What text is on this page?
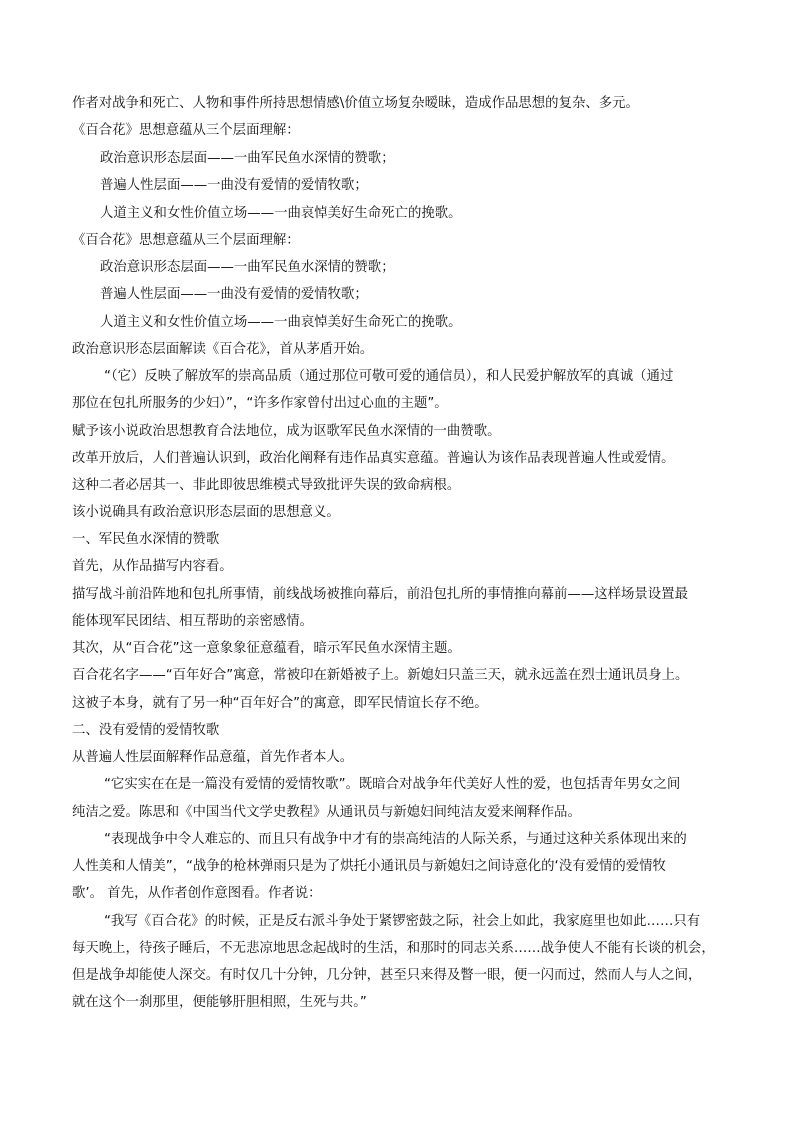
作者对战争和死亡、人物和事件所持思想情感\价值立场复杂暧昧，造成作品思想的复杂、多元。

《百合花》思想意蕴从三个层面理解：

政治意识形态层面——一曲军民鱼水深情的赞歌；

普遍人性层面——一曲没有爱情的爱情牧歌；

人道主义和女性价值立场——一曲哀悼美好生命死亡的挽歌。

《百合花》思想意蕴从三个层面理解：

政治意识形态层面——一曲军民鱼水深情的赞歌；

普遍人性层面——一曲没有爱情的爱情牧歌；

人道主义和女性价值立场——一曲哀悼美好生命死亡的挽歌。

政治意识形态层面解读《百合花》，首从茅盾开始。

“（它）反映了解放军的崇高品质（通过那位可敬可爱的通信员），和人民爱护解放军的真诚（通过

那位在包扎所服务的少妇）”，“许多作家曾付出过心血的主题”。

赋予该小说政治思想教育合法地位，成为讴歌军民鱼水深情的一曲赞歌。

改革开放后，人们普遍认识到，政治化阐释有违作品真实意蕴。普遍认为该作品表现普遍人性或爱情。

这种二者必居其一、非此即彼思维模式导致批评失误的致命病根。

该小说确具有政治意识形态层面的思想意义。

一、军民鱼水深情的赞歌

首先，从作品描写内容看。

描写战斗前沿阵地和包扎所事情，前线战场被推向幕后，前沿包扎所的事情推向幕前——这样场景设置最

能体现军民团结、相互帮助的亲密感情。

其次，从“百合花”这一意象象征意蕴看，暗示军民鱼水深情主题。

百合花名字——“百年好合”寓意，常被印在新婚被子上。新媳妇只盖三天，就永远盖在烈士通讯员身上。

这被子本身，就有了另一种“百年好合”的寓意，即军民情谊长存不绝。

二、没有爱情的爱情牧歌

从普遍人性层面解释作品意蕴，首先作者本人。

“它实实在在是一篇没有爱情的爱情牧歌”。既暗合对战争年代美好人性的爱，也包括青年男女之间

纯洁之爱。陈思和《中国当代文学史教程》从通讯员与新媳妇间纯洁友爱来阐释作品。

“表现战争中令人难忘的、而且只有战争中才有的崇高纯洁的人际关系，与通过这种关系体现出来的

人性美和人情美”，“战争的枪林弹雨只是为了烘托小通讯员与新媳妇之间诗意化的‘没有爱情的爱情牧

歌’。 首先，从作者创作意图看。作者说：

“我写《百合花》的时候，正是反右派斗争处于紧锣密鼓之际，社会上如此，我家庭里也如此……只有

每天晚上，待孩子睡后，不无悲凉地思念起战时的生活，和那时的同志关系……战争使人不能有长谈的机会，

但是战争却能使人深交。有时仅几十分钟，几分钟，甚至只来得及瞥一眼，便一闪而过，然而人与人之间，

就在这个一刹那里，便能够肝胆相照，生死与共。”
